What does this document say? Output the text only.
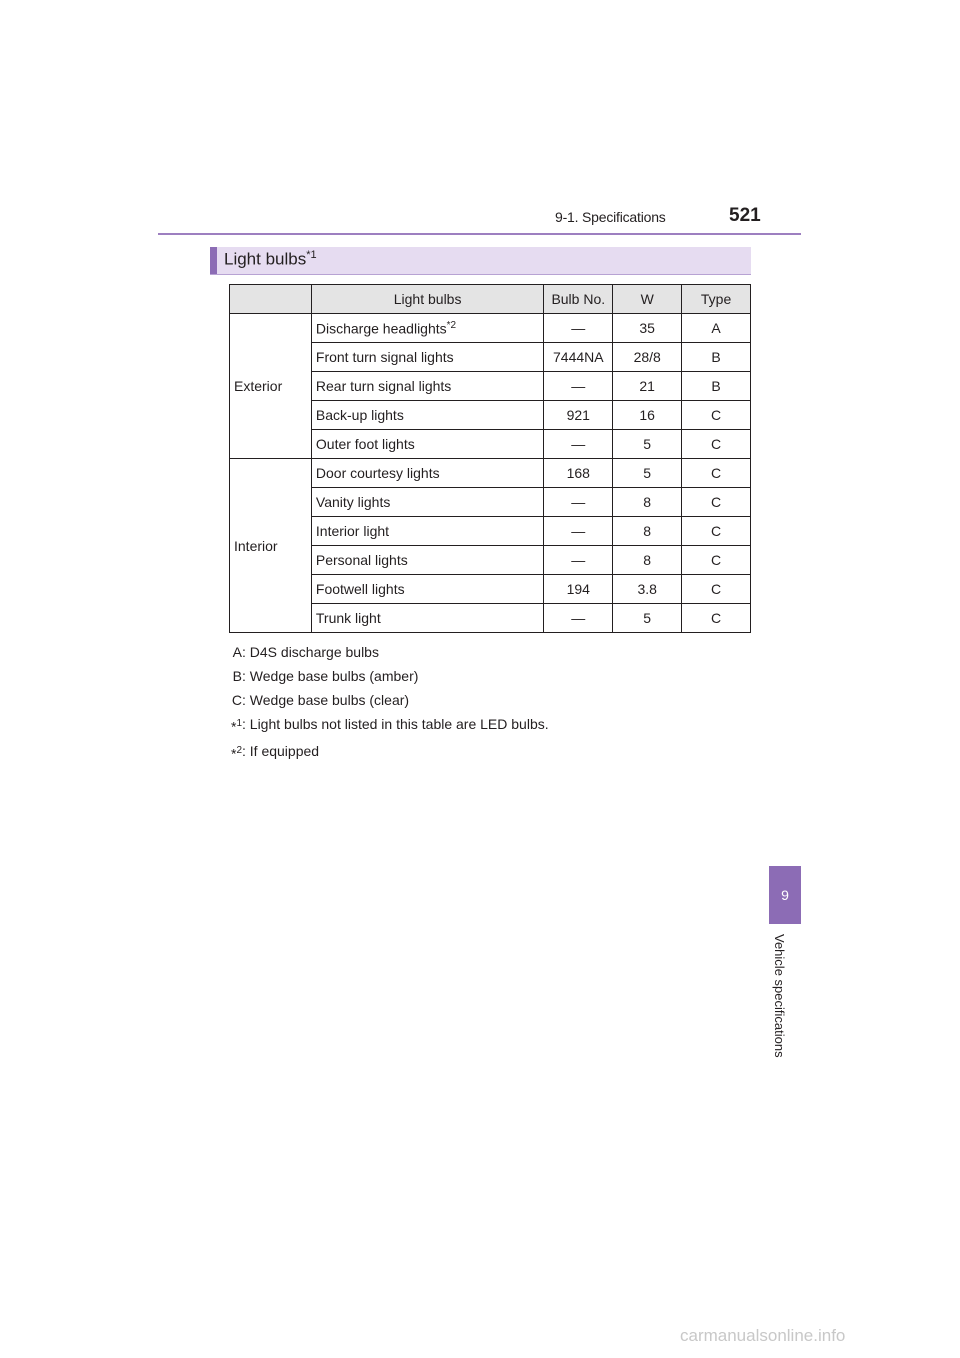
9-1. Specifications	521
Light bulbs$^{*1}$
	Light bulbs	Bulb No.	W	Type
Exterior	Discharge headlights$^{*2}$	—	35	A
	Front turn signal lights	7444NA	28/8	B
	Rear turn signal lights	—	21	B
	Back-up lights	921	16	C
	Outer foot lights	—	5	C
Interior	Door courtesy lights	168	5	C
	Vanity lights	—	8	C
	Interior light	—	8	C
	Personal lights	—	8	C
	Footwell lights	194	3.8	C
	Trunk light	—	5	C
A : D4S discharge bulbs
B : Wedge base bulbs (amber)
C : Wedge base bulbs (clear)
*$^1$ : Light bulbs not listed in this table are LED bulbs.
*$^2$ : If equipped
9
Vehicle specifications
carmanualsonline.info
